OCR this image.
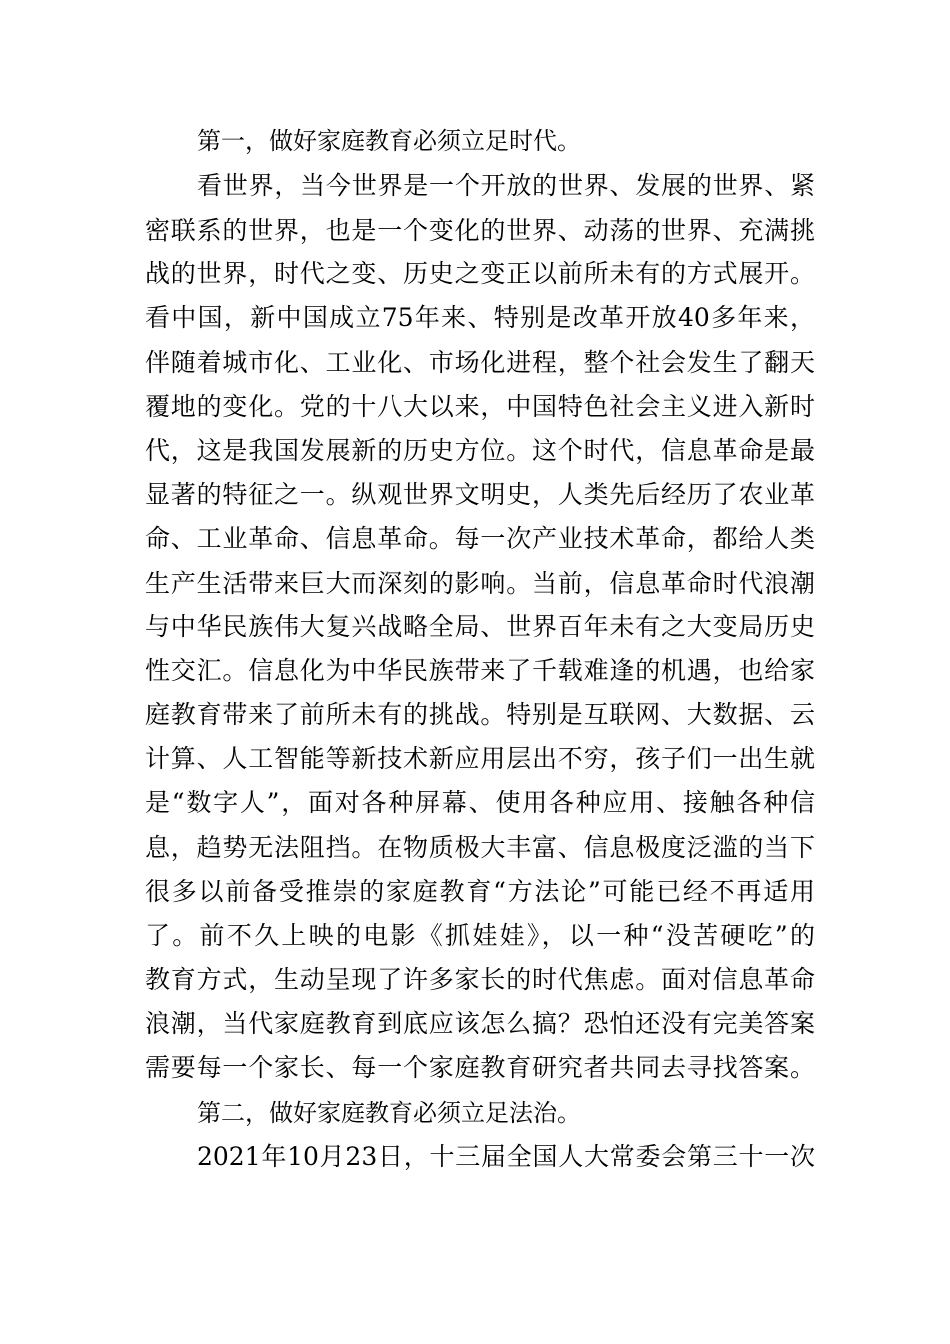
第一，做好家庭教育必须立足时代。
看世界，当今世界是一个开放的世界、发展的世界、紧
密联系的世界，也是一个变化的世界、动荡的世界、充满挑
战的世界，时代之变、历史之变正以前所未有的方式展开。
看中国，新中国成立75年来、特别是改革开放40多年来，
伴随着城市化、工业化、市场化进程，整个社会发生了翻天
覆地的变化。党的十八大以来，中国特色社会主义进入新时
代，这是我国发展新的历史方位。这个时代，信息革命是最
显著的特征之一。纵观世界文明史，人类先后经历了农业革
命、工业革命、信息革命。每一次产业技术革命，都给人类
生产生活带来巨大而深刻的影响。当前，信息革命时代浪潮
与中华民族伟大复兴战略全局、世界百年未有之大变局历史
性交汇。信息化为中华民族带来了千载难逢的机遇，也给家
庭教育带来了前所未有的挑战。特别是互联网、大数据、云
计算、人工智能等新技术新应用层出不穷，孩子们一出生就
是“数字人”，面对各种屏幕、使用各种应用、接触各种信
息，趋势无法阻挡。在物质极大丰富、信息极度泛滥的当下
很多以前备受推崇的家庭教育“方法论”可能已经不再适用
了。前不久上映的电影《抓娃娃》，以一种“没苦硬吃”的
教育方式，生动呈现了许多家长的时代焦虑。面对信息革命
浪潮，当代家庭教育到底应该怎么搞？恐怕还没有完美答案
需要每一个家长、每一个家庭教育研究者共同去寻找答案。
第二，做好家庭教育必须立足法治。
2021年10月23日，十三届全国人大常委会第三十一次
